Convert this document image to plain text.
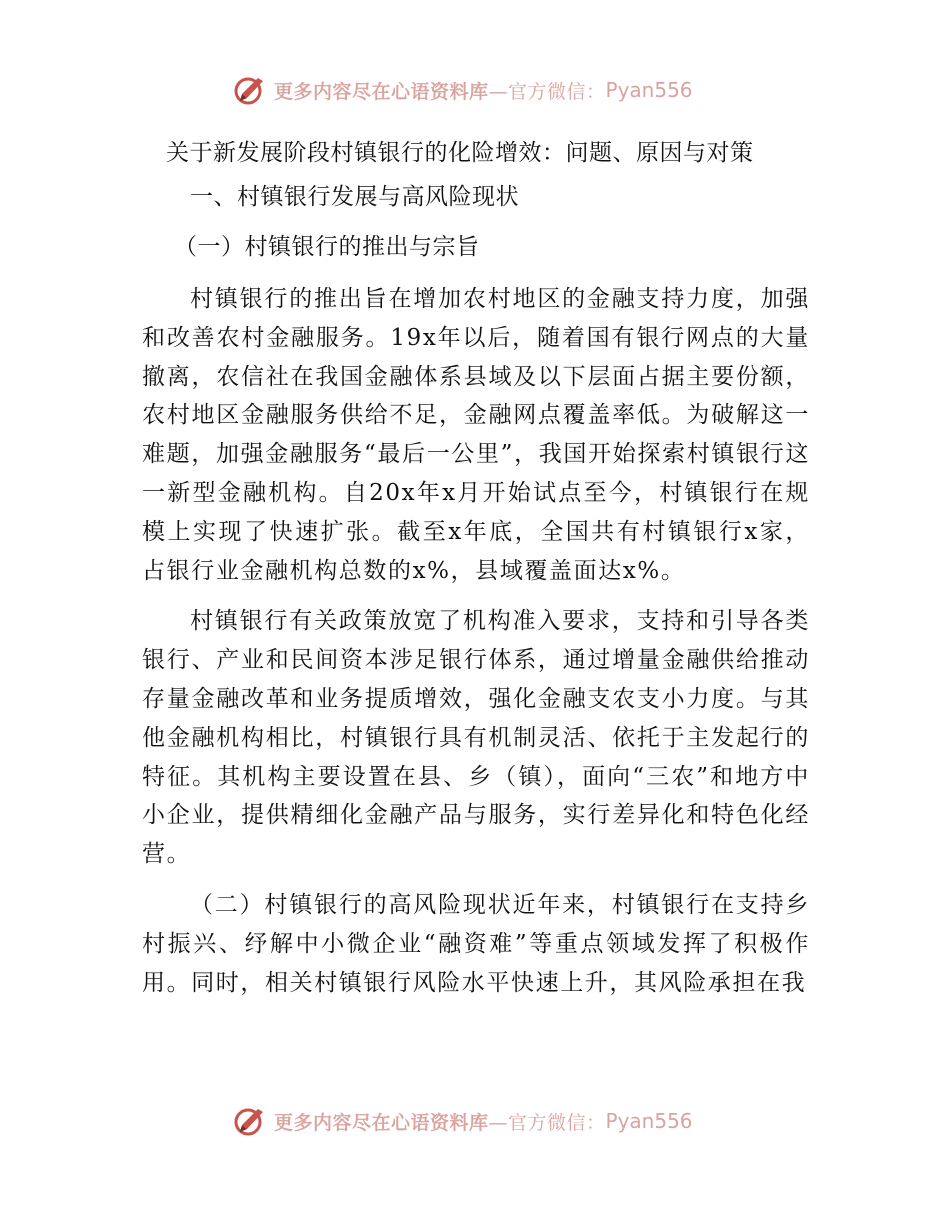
更多内容尽在心语资料库 —官方微信： Pyan556
关于新发展阶段村镇银行的化险增效：问题、原因与对策
一、村镇银行发展与高风险现状
（一）村镇银行的推出与宗旨

村镇银行的推出旨在增加农村地区的金融支持力度，加强和改善农村金融服务。19x年以后，随着国有银行网点的大量撤离，农信社在我国金融体系县域及以下层面占据主要份额，农村地区金融服务供给不足，金融网点覆盖率低。为破解这一难题，加强金融服务“最后一公里”，我国开始探索村镇银行这一新型金融机构。自20x年x月开始试点至今，村镇银行在规模上实现了快速扩张。截至x年底，全国共有村镇银行x家，占银行业金融机构总数的x%，县域覆盖面达x%。

村镇银行有关政策放宽了机构准入要求，支持和引导各类银行、产业和民间资本涉足银行体系，通过增量金融供给推动存量金融改革和业务提质增效，强化金融支农支小力度。与其他金融机构相比，村镇银行具有机制灵活、依托于主发起行的特征。其机构主要设置在县、乡（镇），面向“三农”和地方中小企业，提供精细化金融产品与服务，实行差异化和特色化经营。

（二）村镇银行的高风险现状近年来，村镇银行在支持乡村振兴、纾解中小微企业“融资难”等重点领域发挥了积极作用。同时，相关村镇银行风险水平快速上升，其风险承担在我

更多内容尽在心语资料库 —官方微信： Pyan556
